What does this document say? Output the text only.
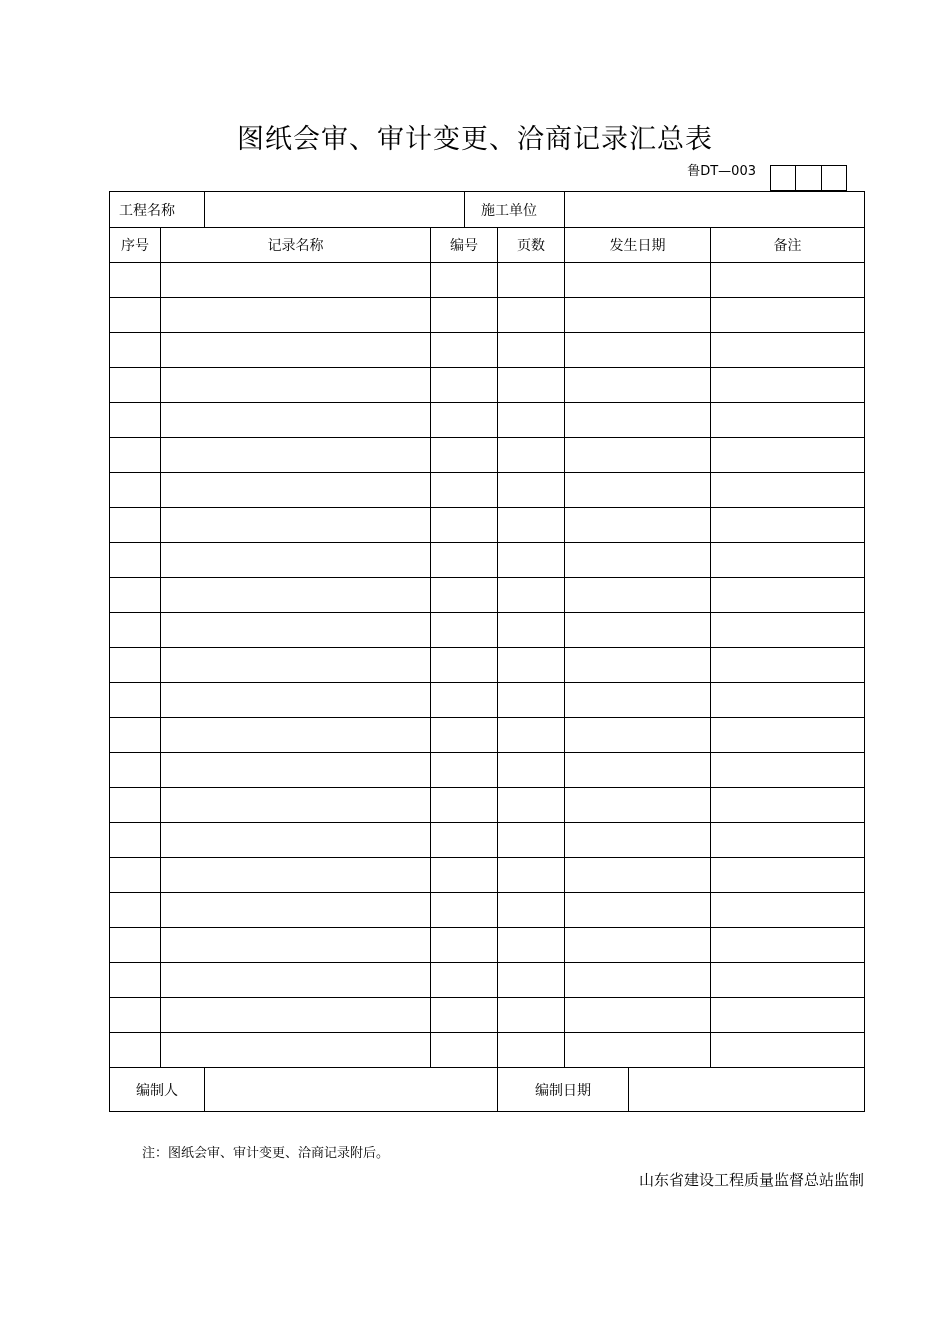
图纸会审、审计变更、洽商记录汇总表
鲁DT—003
工程名称				施工单位				
序号	记录名称		编号		页数	发生日期		备注

编制人					编制日期			
注：图纸会审、审计变更、洽商记录附后。
山东省建设工程质量监督总站监制
